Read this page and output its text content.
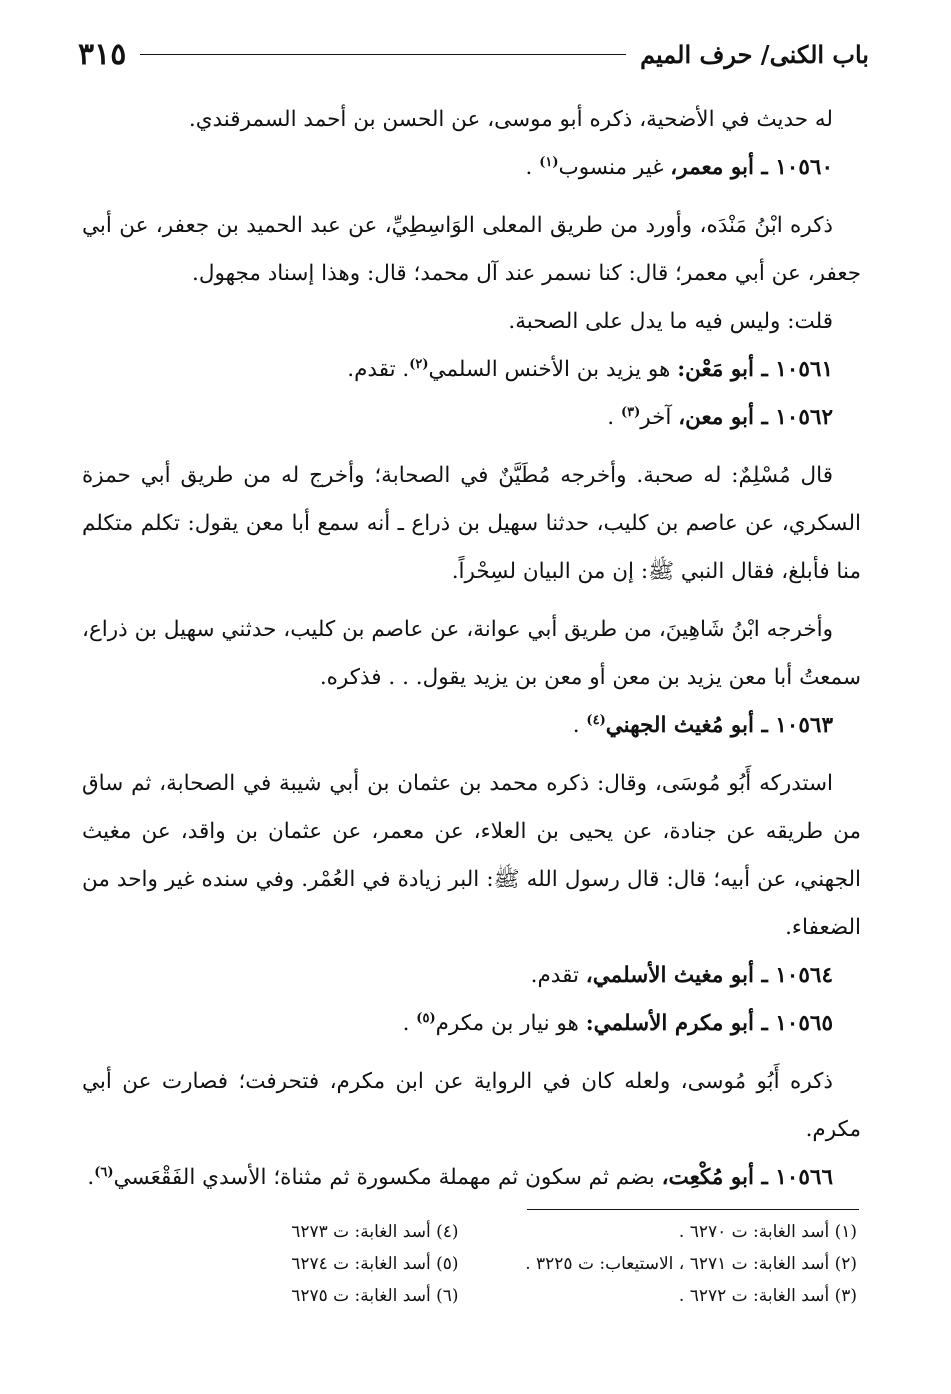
باب الكنى/ حرف الميم
٣١٥

له حديث في الأضحية، ذكره أبو موسى، عن الحسن بن أحمد السمرقندي.

١٠٥٦٠ ـ أبو معمر، غير منسوب$^{(١)}$ .

ذكره ابْنُ مَنْدَه، وأورد من طريق المعلى الوَاسِطِيِّ، عن عبد الحميد بن جعفر، عن أبي جعفر، عن أبي معمر؛ قال: كنا نسمر عند آل محمد؛ قال: وهذا إسناد مجهول.

قلت: وليس فيه ما يدل على الصحبة.

١٠٥٦١ ـ أبو مَعْن: هو يزيد بن الأخنس السلمي$^{(٢)}$. تقدم.

١٠٥٦٢ ـ أبو معن، آخر$^{(٣)}$ .

قال مُسْلِمٌ: له صحبة. وأخرجه مُطَيَّنٌ في الصحابة؛ وأخرج له من طريق أبي حمزة السكري، عن عاصم بن كليب، حدثنا سهيل بن ذراع ـ أنه سمع أبا معن يقول: تكلم متكلم منا فأبلغ، فقال النبي ﷺ: إن من البيان لسِحْراً.

وأخرجه ابْنُ شَاهِينَ، من طريق أبي عوانة، عن عاصم بن كليب، حدثني سهيل بن ذراع، سمعتُ أبا معن يزيد بن معن أو معن بن يزيد يقول. . . فذكره.

١٠٥٦٣ ـ أبو مُغيث الجهني$^{(٤)}$ .

استدركه أَبُو مُوسَى، وقال: ذكره محمد بن عثمان بن أبي شيبة في الصحابة، ثم ساق من طريقه عن جنادة، عن يحيى بن العلاء، عن معمر، عن عثمان بن واقد، عن مغيث الجهني، عن أبيه؛ قال: قال رسول الله ﷺ: البر زيادة في العُمْر. وفي سنده غير واحد من الضعفاء.

١٠٥٦٤ ـ أبو مغيث الأسلمي، تقدم.

١٠٥٦٥ ـ أبو مكرم الأسلمي: هو نيار بن مكرم$^{(٥)}$ .

ذكره أَبُو مُوسى، ولعله كان في الرواية عن ابن مكرم، فتحرفت؛ فصارت عن أبي مكرم.

١٠٥٦٦ ـ أبو مُكْعِت، بضم ثم سكون ثم مهملة مكسورة ثم مثناة؛ الأسدي الفَقْعَسي$^{(٦)}$.

(١) أسد الغابة: ت ٦٢٧٠ .
(٢) أسد الغابة: ت ٦٢٧١ ، الاستيعاب: ت ٣٢٢٥ .
(٣) أسد الغابة: ت ٦٢٧٢ .
(٤) أسد الغابة: ت ٦٢٧٣
(٥) أسد الغابة: ت ٦٢٧٤
(٦) أسد الغابة: ت ٦٢٧٥
